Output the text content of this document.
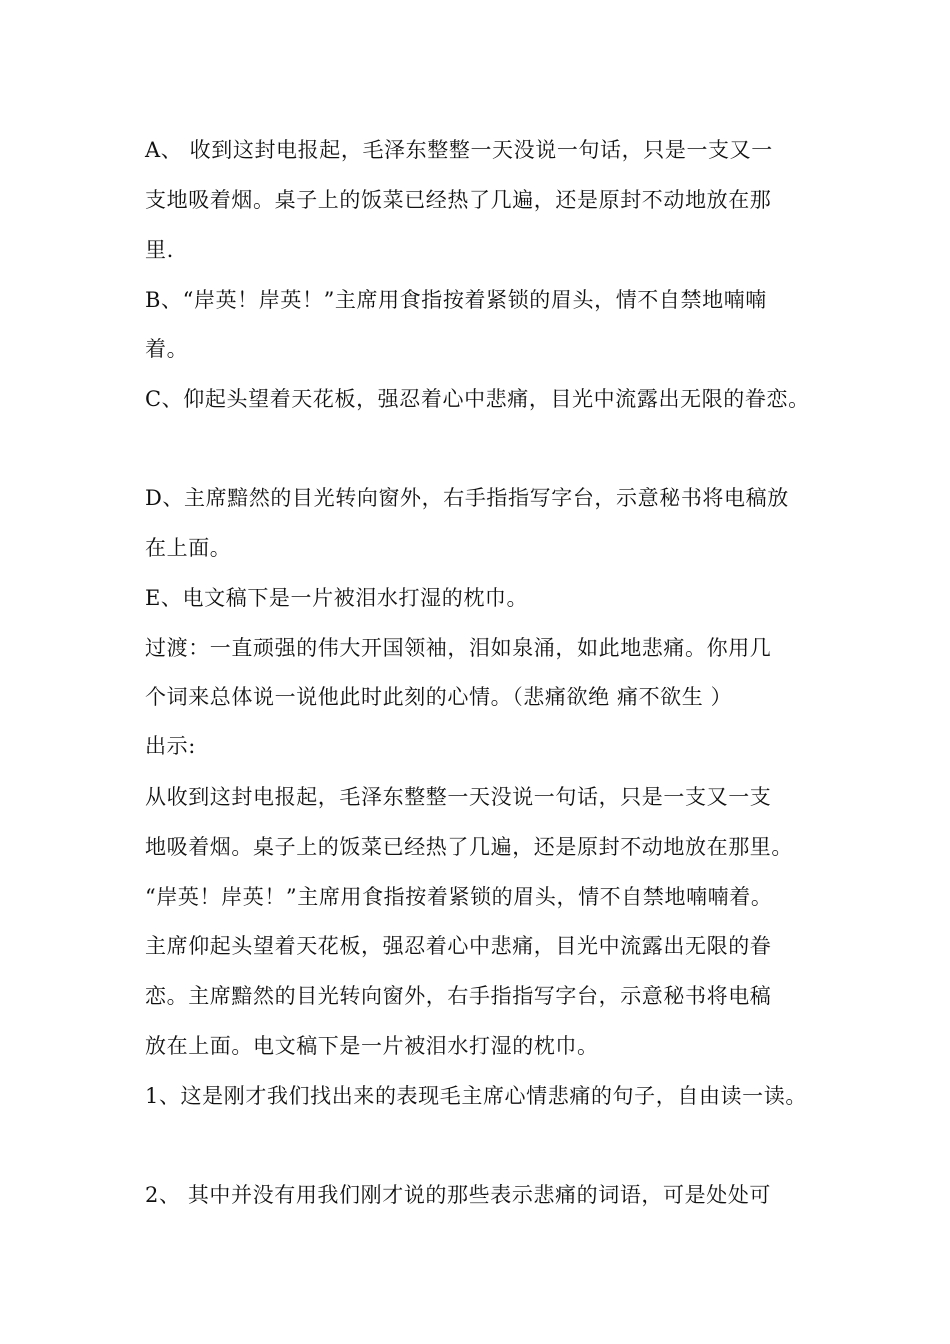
A、 收到这封电报起，毛泽东整整一天没说一句话，只是一支又一
支地吸着烟。桌子上的饭菜已经热了几遍，还是原封不动地放在那
里.
B、“岸英！岸英！”主席用食指按着紧锁的眉头，情不自禁地喃喃
着。
C、仰起头望着天花板，强忍着心中悲痛，目光中流露出无限的眷恋。
D、主席黯然的目光转向窗外，右手指指写字台，示意秘书将电稿放
在上面。
E、电文稿下是一片被泪水打湿的枕巾。
过渡：一直顽强的伟大开国领袖，泪如泉涌，如此地悲痛。你用几
个词来总体说一说他此时此刻的心情。（悲痛欲绝 痛不欲生 ）
出示:
从收到这封电报起，毛泽东整整一天没说一句话，只是一支又一支
地吸着烟。桌子上的饭菜已经热了几遍，还是原封不动地放在那里。
“岸英！岸英！”主席用食指按着紧锁的眉头，情不自禁地喃喃着。
主席仰起头望着天花板，强忍着心中悲痛，目光中流露出无限的眷
恋。主席黯然的目光转向窗外，右手指指写字台，示意秘书将电稿
放在上面。电文稿下是一片被泪水打湿的枕巾。
1、这是刚才我们找出来的表现毛主席心情悲痛的句子，自由读一读。
2、 其中并没有用我们刚才说的那些表示悲痛的词语，可是处处可
